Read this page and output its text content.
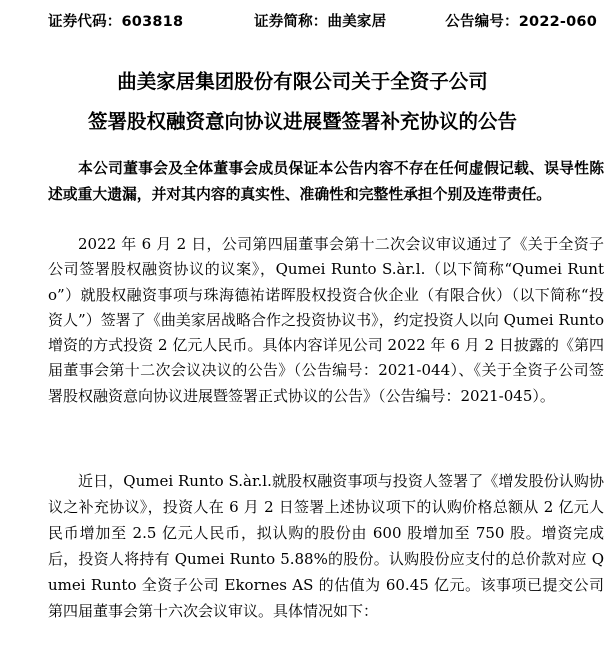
证券代码：603818	证券简称：曲美家居	公告编号：2022-060
曲美家居集团股份有限公司关于全资子公司
签署股权融资意向协议进展暨签署补充协议的公告
本公司董事会及全体董事会成员保证本公告内容不存在任何虚假记载、误导性陈述或重大遗漏，并对其内容的真实性、准确性和完整性承担个别及连带责任。
2022 年 6 月 2 日，公司第四届董事会第十二次会议审议通过了《关于全资子公司签署股权融资协议的议案》，Qumei Runto S.àr.l.（以下简称“Qumei Runto”）就股权融资事项与珠海德祐诺晖股权投资合伙企业（有限合伙）（以下简称“投资人”）签署了《曲美家居战略合作之投资协议书》，约定投资人以向 Qumei Runto 增资的方式投资 2 亿元人民币。具体内容详见公司 2022 年 6 月 2 日披露的《第四届董事会第十二次会议决议的公告》（公告编号：2021-044）、《关于全资子公司签署股权融资意向协议进展暨签署正式协议的公告》（公告编号：2021-045）。
近日，Qumei Runto S.àr.l.就股权融资事项与投资人签署了《增发股份认购协议之补充协议》，投资人在 6 月 2 日签署上述协议项下的认购价格总额从 2 亿元人民币增加至 2.5 亿元人民币，拟认购的股份由 600 股增加至 750 股。增资完成后，投资人将持有 Qumei Runto 5.88%的股份。认购股份应支付的总价款对应 Qumei Runto 全资子公司 Ekornes AS 的估值为 60.45 亿元。该事项已提交公司第四届董事会第十六次会议审议。具体情况如下：
